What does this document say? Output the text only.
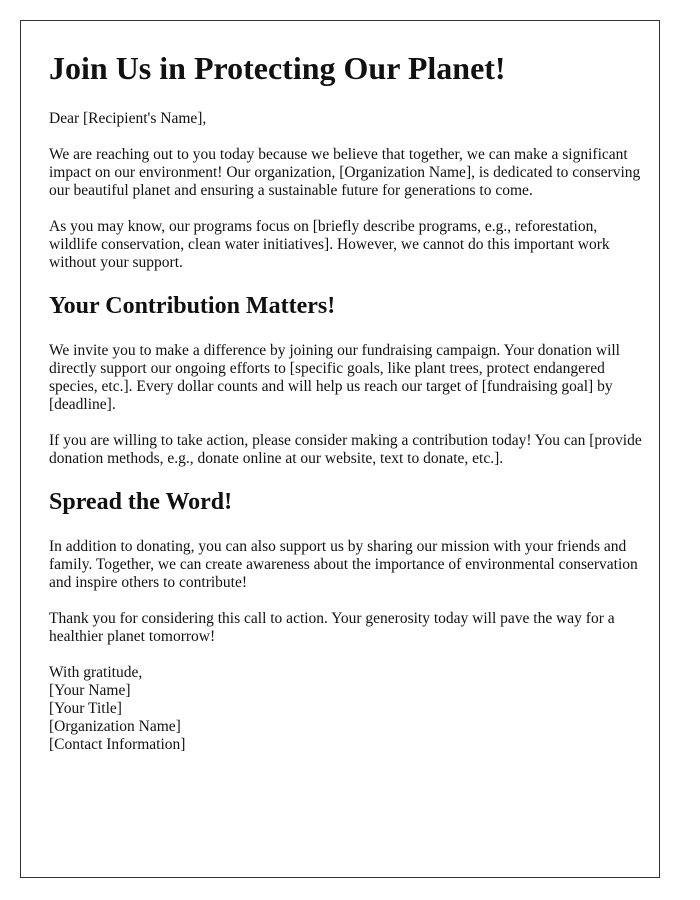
Join Us in Protecting Our Planet!

Dear [Recipient's Name],

We are reaching out to you today because we believe that together, we can make a significant impact on our environment! Our organization, [Organization Name], is dedicated to conserving our beautiful planet and ensuring a sustainable future for generations to come.

As you may know, our programs focus on [briefly describe programs, e.g., reforestation, wildlife conservation, clean water initiatives]. However, we cannot do this important work without your support.

Your Contribution Matters!

We invite you to make a difference by joining our fundraising campaign. Your donation will directly support our ongoing efforts to [specific goals, like plant trees, protect endangered species, etc.]. Every dollar counts and will help us reach our target of [fundraising goal] by [deadline].

If you are willing to take action, please consider making a contribution today! You can [provide donation methods, e.g., donate online at our website, text to donate, etc.].

Spread the Word!

In addition to donating, you can also support us by sharing our mission with your friends and family. Together, we can create awareness about the importance of environmental conservation and inspire others to contribute!

Thank you for considering this call to action. Your generosity today will pave the way for a healthier planet tomorrow!

With gratitude,
[Your Name]
[Your Title]
[Organization Name]
[Contact Information]
